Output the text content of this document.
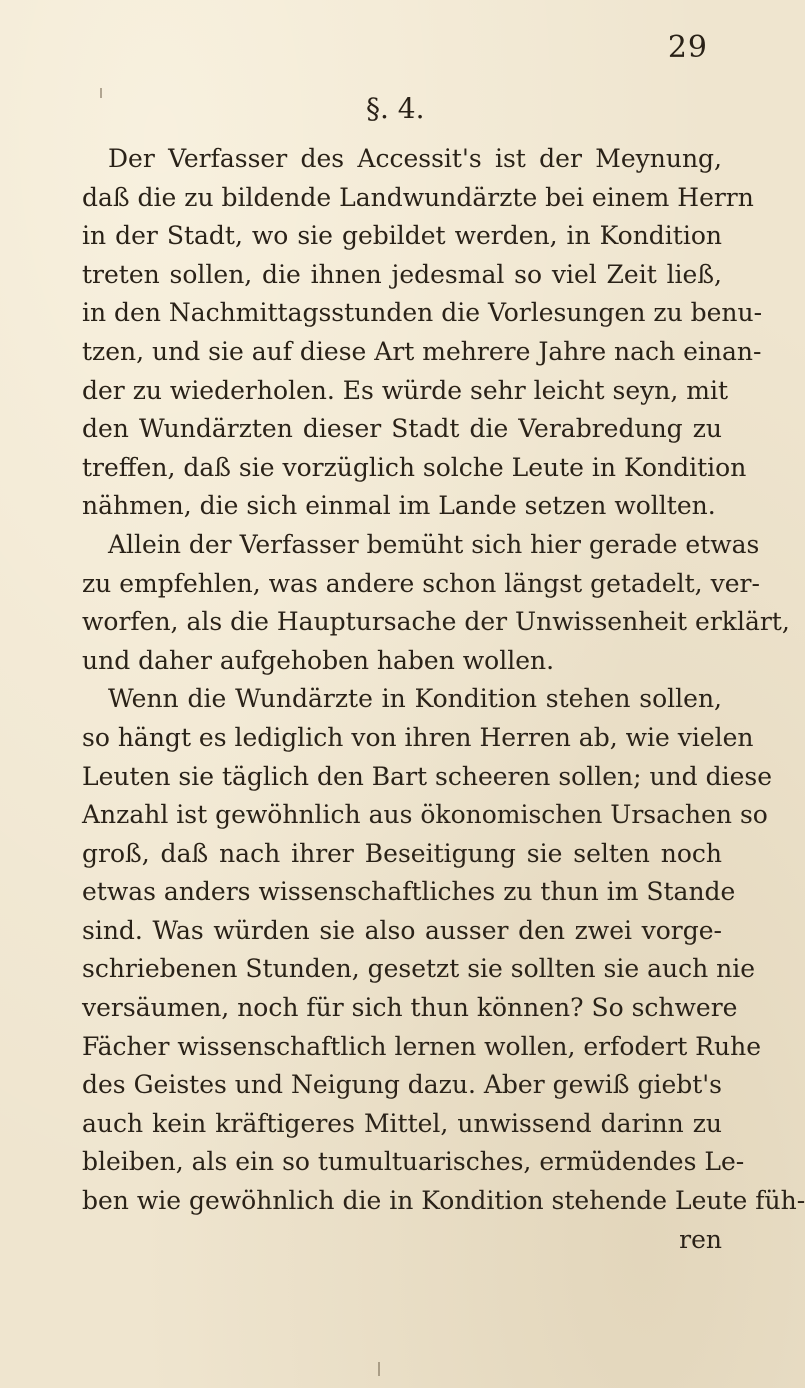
29
§. 4.
Der Verfasser des Accessit's ist der Meynung,
daß die zu bildende Landwundärzte bei einem Herrn
in der Stadt, wo sie gebildet werden, in Kondition
treten sollen, die ihnen jedesmal so viel Zeit ließ,
in den Nachmittagsstunden die Vorlesungen zu benu-
tzen, und sie auf diese Art mehrere Jahre nach einan-
der zu wiederholen. Es würde sehr leicht seyn, mit
den Wundärzten dieser Stadt die Verabredung zu
treffen, daß sie vorzüglich solche Leute in Kondition
nähmen, die sich einmal im Lande setzen wollten.
Allein der Verfasser bemüht sich hier gerade etwas
zu empfehlen, was andere schon längst getadelt, ver-
worfen, als die Hauptursache der Unwissenheit erklärt,
und daher aufgehoben haben wollen.
Wenn die Wundärzte in Kondition stehen sollen,
so hängt es lediglich von ihren Herren ab, wie vielen
Leuten sie täglich den Bart scheeren sollen; und diese
Anzahl ist gewöhnlich aus ökonomischen Ursachen so
groß, daß nach ihrer Beseitigung sie selten noch
etwas anders wissenschaftliches zu thun im Stande
sind. Was würden sie also ausser den zwei vorge-
schriebenen Stunden, gesetzt sie sollten sie auch nie
versäumen, noch für sich thun können? So schwere
Fächer wissenschaftlich lernen wollen, erfodert Ruhe
des Geistes und Neigung dazu. Aber gewiß giebt's
auch kein kräftigeres Mittel, unwissend darinn zu
bleiben, als ein so tumultuarisches, ermüdendes Le-
ben wie gewöhnlich die in Kondition stehende Leute füh-
ren
